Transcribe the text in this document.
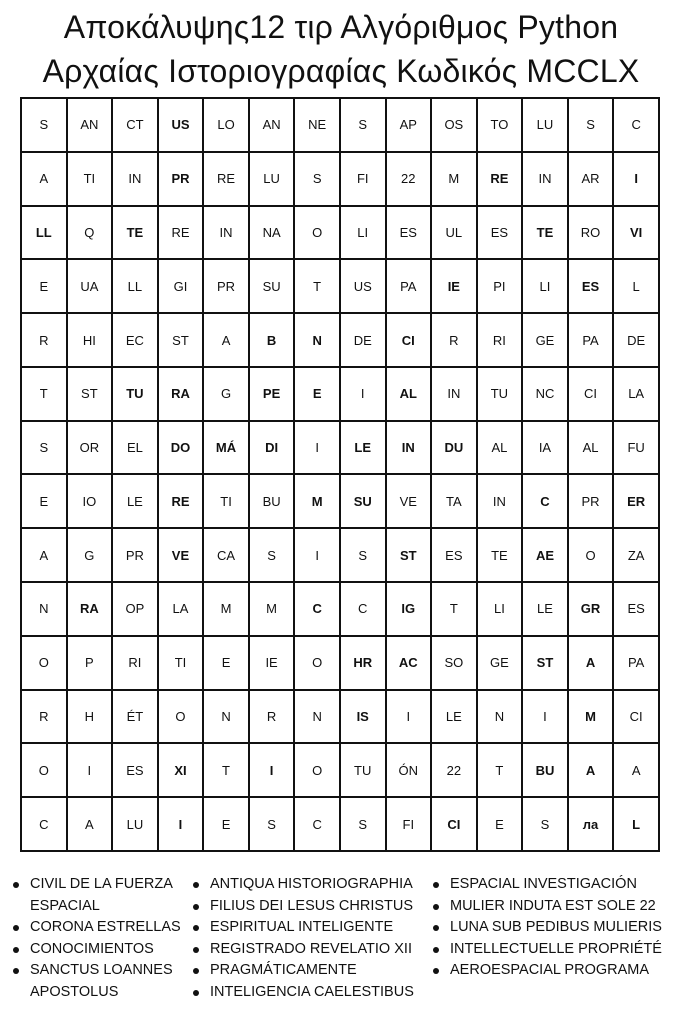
Αποκάλυψης12 τιρ Αλγόριθμος Python
Αρχαίας Ιστοριογραφίας Κωδικός MCCLX
S	AN	CT	US	LO	AN	NE	S	AP	OS	TO	LU	S	C
A	TI	IN	PR	RE	LU	S	FI	22	M	RE	IN	AR	I
LL	Q	TE	RE	IN	NA	O	LI	ES	UL	ES	TE	RO	VI
E	UA	LL	GI	PR	SU	T	US	PA	IE	PI	LI	ES	L
R	HI	EC	ST	A	B	N	DE	CI	R	RI	GE	PA	DE
T	ST	TU	RA	G	PE	E	I	AL	IN	TU	NC	CI	LA
S	OR	EL	DO	MÁ	DI	I	LE	IN	DU	AL	IA	AL	FU
E	IO	LE	RE	TI	BU	M	SU	VE	TA	IN	C	PR	ER
A	G	PR	VE	CA	S	I	S	ST	ES	TE	AE	O	ZA
N	RA	OP	LA	M	M	C	C	IG	T	LI	LE	GR	ES
O	P	RI	TI	E	IE	O	HR	AC	SO	GE	ST	A	PA
R	H	ÉT	O	N	R	N	IS	I	LE	N	I	M	CI
O	I	ES	XI	T	I	O	TU	ÓN	22	T	BU	A	A
C	A	LU	I	E	S	C	S	FI	CI	E	S	ла	L
CIVIL DE LA FUERZA
ESPACIAL
CORONA ESTRELLAS
CONOCIMIENTOS
SANCTUS LOANNES
APOSTOLUS
ANTIQUA HISTORIOGRAPHIA
FILIUS DEI LESUS CHRISTUS
ESPIRITUAL INTELIGENTE
REGISTRADO REVELATIO XII
PRAGMÁTICAMENTE
INTELIGENCIA CAELESTIBUS
ESPACIAL INVESTIGACIÓN
MULIER INDUTA EST SOLE 22
LUNA SUB PEDIBUS MULIERIS
INTELLECTUELLE PROPRIÉTÉ
AEROESPACIAL PROGRAMA
